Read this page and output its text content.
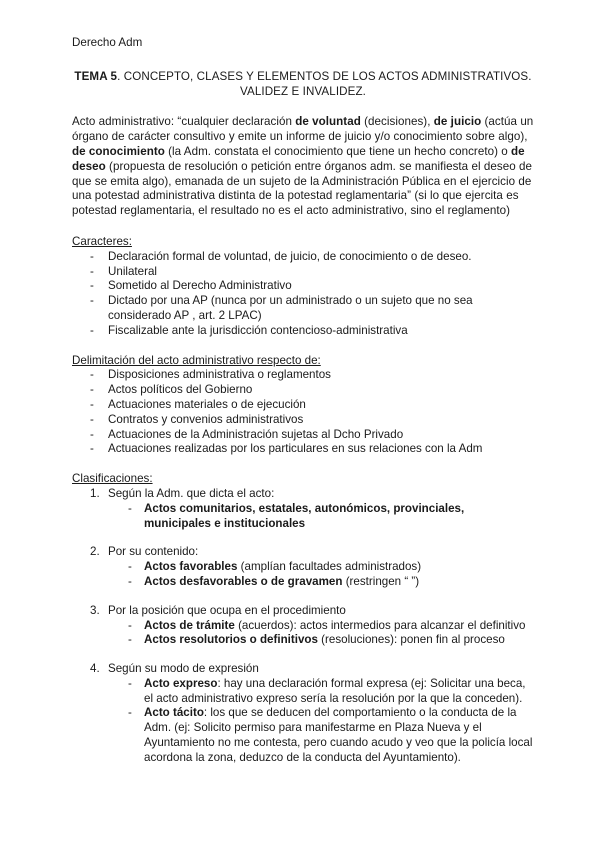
Derecho Adm
TEMA 5. CONCEPTO, CLASES Y ELEMENTOS DE LOS ACTOS ADMINISTRATIVOS.
VALIDEZ E INVALIDEZ.
Acto administrativo: “cualquier declaración de voluntad (decisiones), de juicio (actúa un órgano de carácter consultivo y emite un informe de juicio y/o conocimiento sobre algo), de conocimiento (la Adm. constata el conocimiento que tiene un hecho concreto) o de deseo (propuesta de resolución o petición entre órganos adm. se manifiesta el deseo de que se emita algo), emanada de un sujeto de la Administración Pública en el ejercicio de una potestad administrativa distinta de la potestad reglamentaria” (si lo que ejercita es potestad reglamentaria, el resultado no es el acto administrativo, sino el reglamento)
Caracteres:
- Declaración formal de voluntad, de juicio, de conocimiento o de deseo.
- Unilateral
- Sometido al Derecho Administrativo
- Dictado por una AP (nunca por un administrado o un sujeto que no sea considerado AP , art. 2 LPAC)
- Fiscalizable ante la jurisdicción contencioso-administrativa
Delimitación del acto administrativo respecto de:
- Disposiciones administrativa o reglamentos
- Actos políticos del Gobierno
- Actuaciones materiales o de ejecución
- Contratos y convenios administrativos
- Actuaciones de la Administración sujetas al Dcho Privado
- Actuaciones realizadas por los particulares en sus relaciones con la Adm
Clasificaciones:
1. Según la Adm. que dicta el acto:
- Actos comunitarios, estatales, autonómicos, provinciales, municipales e institucionales
2. Por su contenido:
- Actos favorables (amplían facultades administrados)
- Actos desfavorables o de gravamen (restringen “ ”)
3. Por la posición que ocupa en el procedimiento
- Actos de trámite (acuerdos): actos intermedios para alcanzar el definitivo
- Actos resolutorios o definitivos (resoluciones): ponen fin al proceso
4. Según su modo de expresión
- Acto expreso: hay una declaración formal expresa (ej: Solicitar una beca, el acto administrativo expreso sería la resolución por la que la conceden).
- Acto tácito: los que se deducen del comportamiento o la conducta de la Adm. (ej: Solicito permiso para manifestarme en Plaza Nueva y el Ayuntamiento no me contesta, pero cuando acudo y veo que la policía local acordona la zona, deduzco de la conducta del Ayuntamiento).
